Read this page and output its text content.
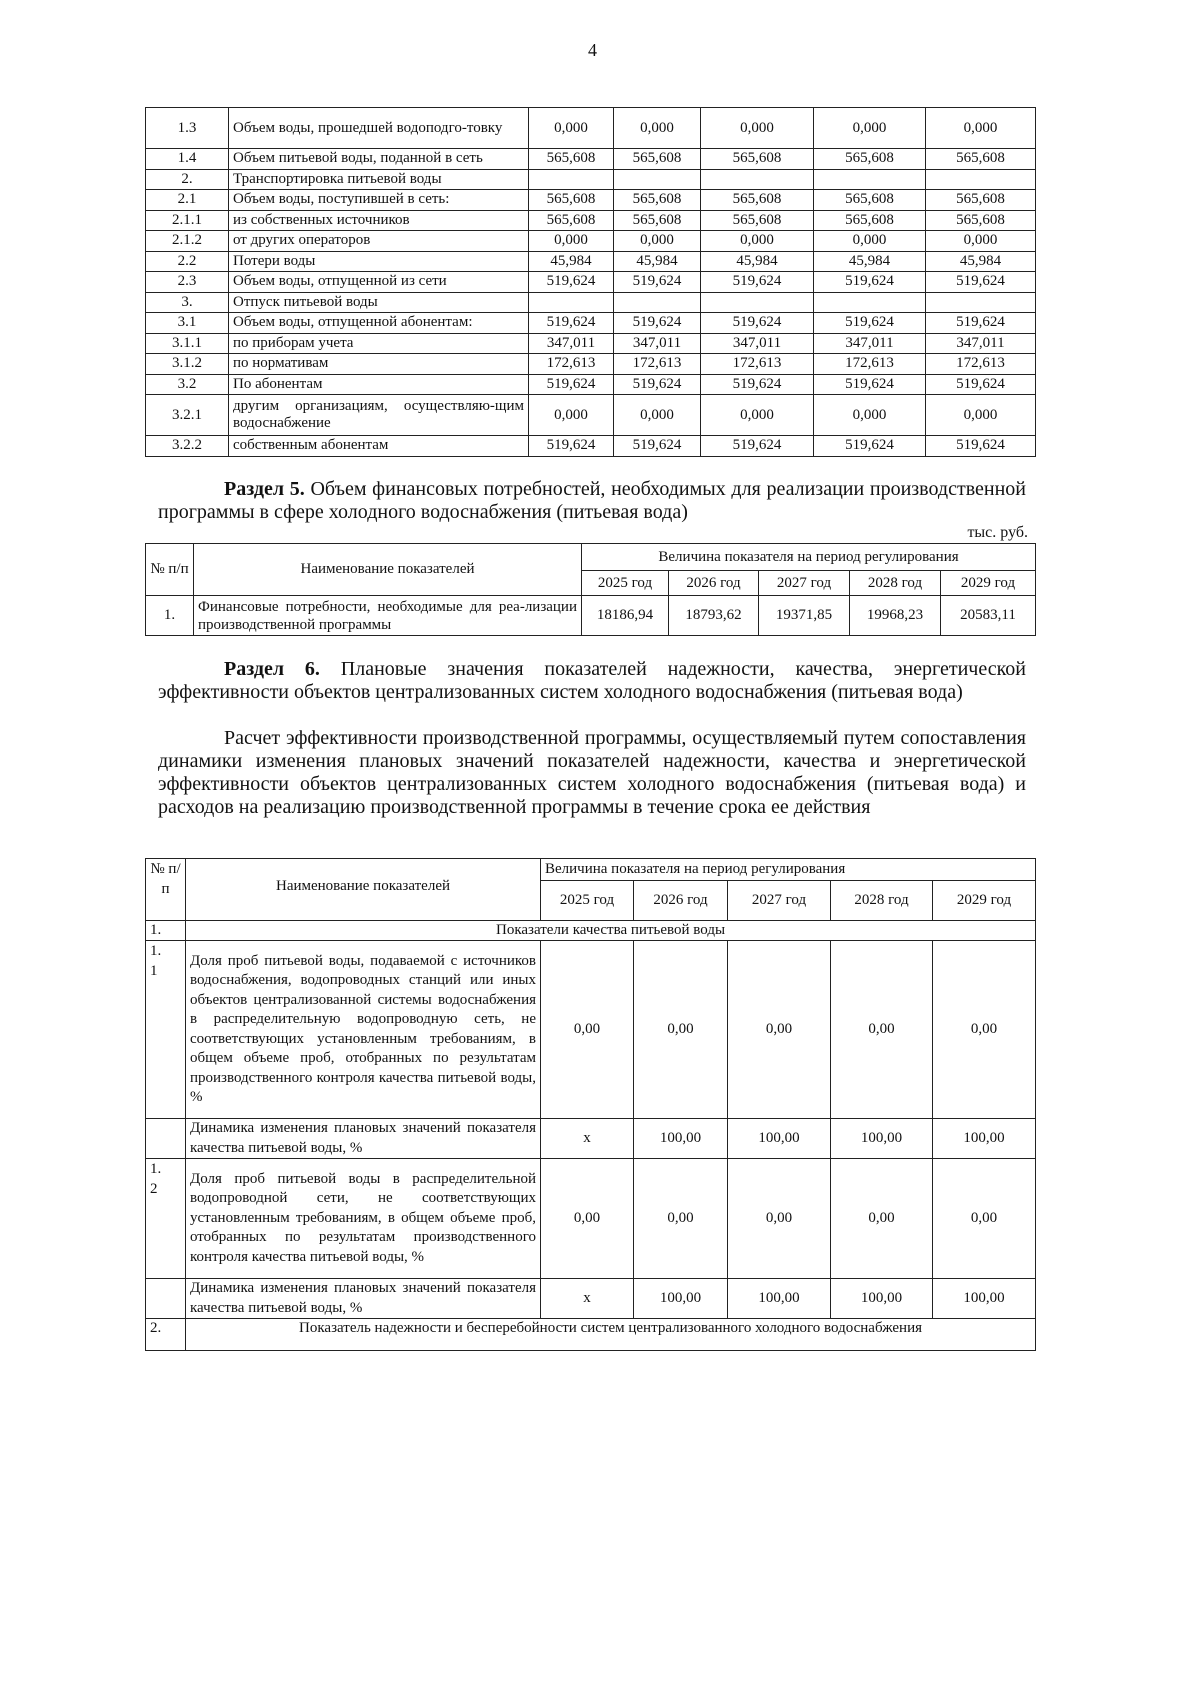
4
1.3	Объем воды, прошедшей водоподго-товку	0,000	0,000	0,000	0,000	0,000
1.4	Объем питьевой воды, поданной в сеть	565,608	565,608	565,608	565,608	565,608
2.	Транспортировка питьевой воды					
2.1	Объем воды, поступившей в сеть:	565,608	565,608	565,608	565,608	565,608
2.1.1	из собственных источников	565,608	565,608	565,608	565,608	565,608
2.1.2	от других операторов	0,000	0,000	0,000	0,000	0,000
2.2	Потери воды	45,984	45,984	45,984	45,984	45,984
2.3	Объем воды, отпущенной из сети	519,624	519,624	519,624	519,624	519,624
3.	Отпуск питьевой воды					
3.1	Объем воды, отпущенной абонентам:	519,624	519,624	519,624	519,624	519,624
3.1.1	по приборам учета	347,011	347,011	347,011	347,011	347,011
3.1.2	по нормативам	172,613	172,613	172,613	172,613	172,613
3.2	По абонентам	519,624	519,624	519,624	519,624	519,624
3.2.1	другим организациям, осуществляю-щим водоснабжение	0,000	0,000	0,000	0,000	0,000
3.2.2	собственным абонентам	519,624	519,624	519,624	519,624	519,624
Раздел 5. Объем финансовых потребностей, необходимых для реализации производственной программы в сфере холодного водоснабжения (питьевая вода)
тыс. руб.
№ п/п	Наименование показателей	Величина показателя на период регулирования				
		2025 год	2026 год	2027 год	2028 год	2029 год
1.	Финансовые потребности, необходимые для реа-лизации производственной программы	18186,94	18793,62	19371,85	19968,23	20583,11
Раздел 6. Плановые значения показателей надежности, качества, энергетической эффективности объектов централизованных систем холодного водоснабжения (питьевая вода)
Расчет эффективности производственной программы, осуществляемый путем сопоставления динамики изменения плановых значений показателей надежности, качества и энергетической эффективности объектов централизованных систем холодного водоснабжения (питьевая вода) и расходов на реализацию производственной программы в течение срока ее действия
№ п/ п	Наименование показателей	Величина показателя на период регулирования				
		2025 год	2026 год	2027 год	2028 год	2029 год
1.	Показатели качества питьевой воды					
1. 1	Доля проб питьевой воды, подаваемой с источников водоснабжения, водопроводных станций или иных объектов централизованной системы водоснабжения в распределительную водопроводную сеть, не соответствующих установленным требованиям, в общем объеме проб, отобранных по результатам производственного контроля качества питьевой воды, %	0,00	0,00	0,00	0,00	0,00
	Динамика изменения плановых значений показателя качества питьевой воды, %	x	100,00	100,00	100,00	100,00
1. 2	Доля проб питьевой воды в распределительной водопроводной сети, не соответствующих установленным требованиям, в общем объеме проб, отобранных по результатам производственного контроля качества питьевой воды, %	0,00	0,00	0,00	0,00	0,00
	Динамика изменения плановых значений показателя качества питьевой воды, %	x	100,00	100,00	100,00	100,00
2.	Показатель надежности и бесперебойности систем централизованного холодного водоснабжения					
